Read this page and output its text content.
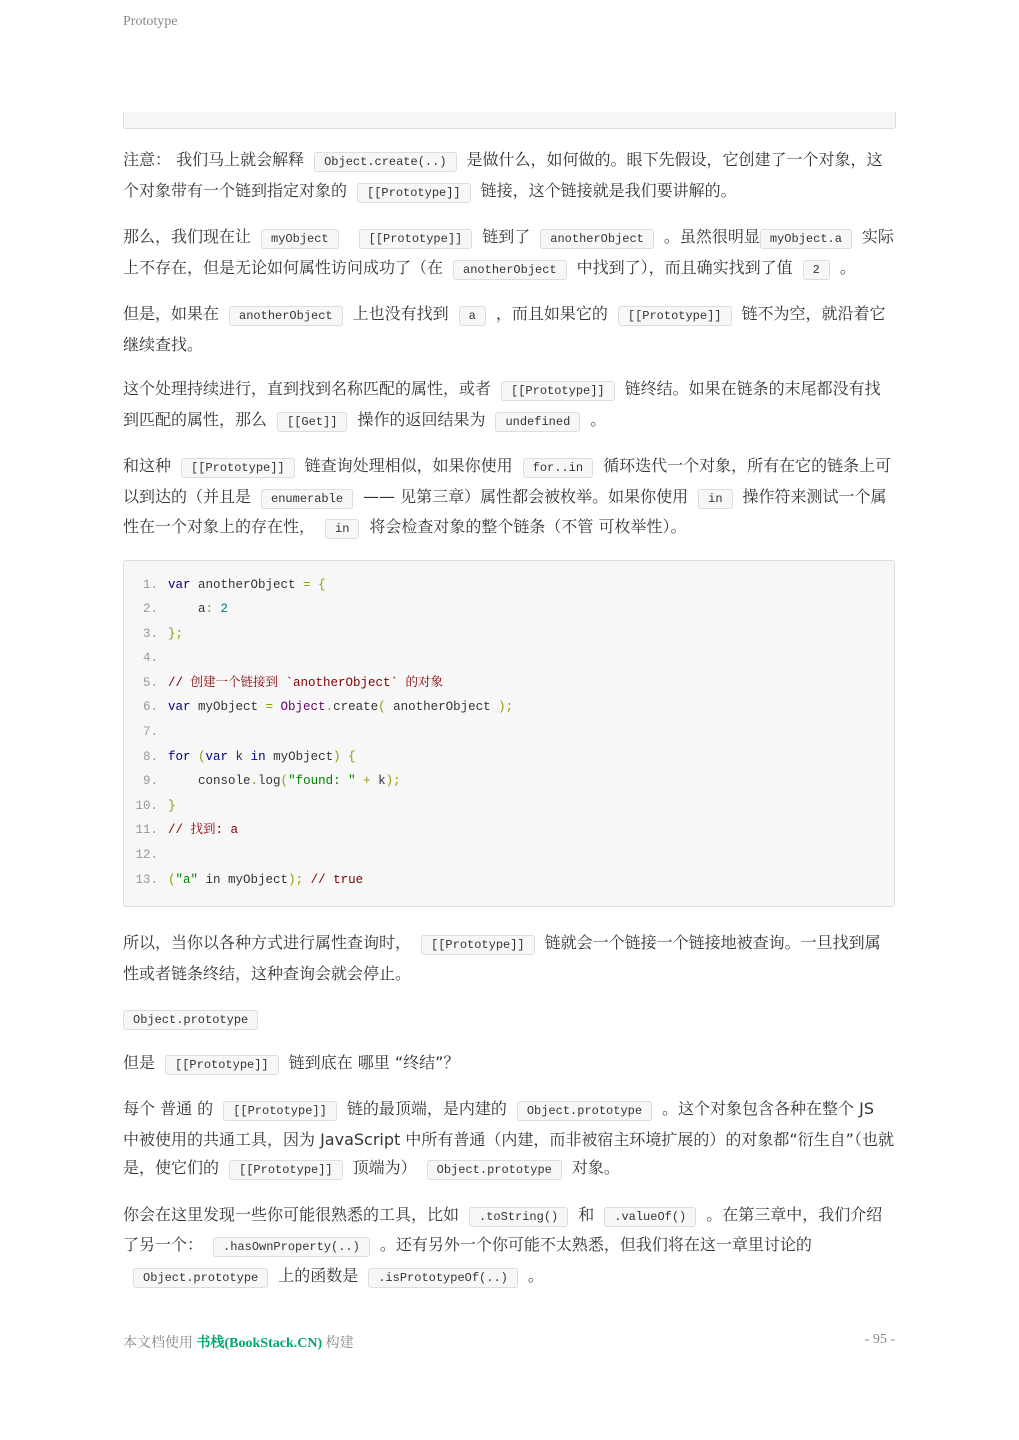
Prototype

注意： 我们马上就会解释 Object.create(..) 是做什么，如何做的。眼下先假设，它创建了一个对象，这个对象带有一个链到指定对象的 [[Prototype]] 链接，这个链接就是我们要讲解的。

那么，我们现在让 myObject	[[Prototype]] 链到了 anotherObject 。虽然很明显 myObject.a 实际上不存在，但是无论如何属性访问成功了（在 anotherObject 中找到了），而且确实找到了值 2 。

但是，如果在 anotherObject 上也没有找到 a ，而且如果它的 [[Prototype]] 链不为空，就沿着它继续查找。

这个处理持续进行，直到找到名称匹配的属性，或者 [[Prototype]] 链终结。如果在链条的末尾都没有找到匹配的属性，那么 [[Get]] 操作的返回结果为 undefined 。

和这种 [[Prototype]] 链查询处理相似，如果你使用 for..in 循环迭代一个对象，所有在它的链条上可以到达的（并且是 enumerable —— 见第三章）属性都会被枚举。如果你使用 in 操作符来测试一个属性在一个对象上的存在性， in 将会检查对象的整个链条（不管 可枚举性）。

1. var anotherObject = {
2.    a: 2
3. };
4.
5. // 创建一个链接到 `anotherObject` 的对象
6. var myObject = Object.create( anotherObject );
7.
8. for (var k in myObject) {
9.    console.log("found: " + k);
10. }
11. // 找到: a
12.
13. ("a" in myObject); // true

所以，当你以各种方式进行属性查询时， [[Prototype]] 链就会一个链接一个链接地被查询。一旦找到属性或者链条终结，这种查询会就会停止。

Object.prototype

但是 [[Prototype]] 链到底在 哪里 “终结”？

每个 普通 的 [[Prototype]] 链的最顶端，是内建的 Object.prototype 。这个对象包含各种在整个 JS 中被使用的共通工具，因为 JavaScript 中所有普通（内建，而非被宿主环境扩展的）的对象都“衍生自”（也就是，使它们的 [[Prototype]] 顶端为） Object.prototype 对象。

你会在这里发现一些你可能很熟悉的工具，比如 .toString() 和 .valueOf() 。在第三章中，我们介绍了另一个： .hasOwnProperty(..) 。还有另外一个你可能不太熟悉，但我们将在这一章里讨论的Object.prototype 上的函数是 .isPrototypeOf(..) 。

本文档使用 书栈(BookStack.CN) 构建	- 95 -
